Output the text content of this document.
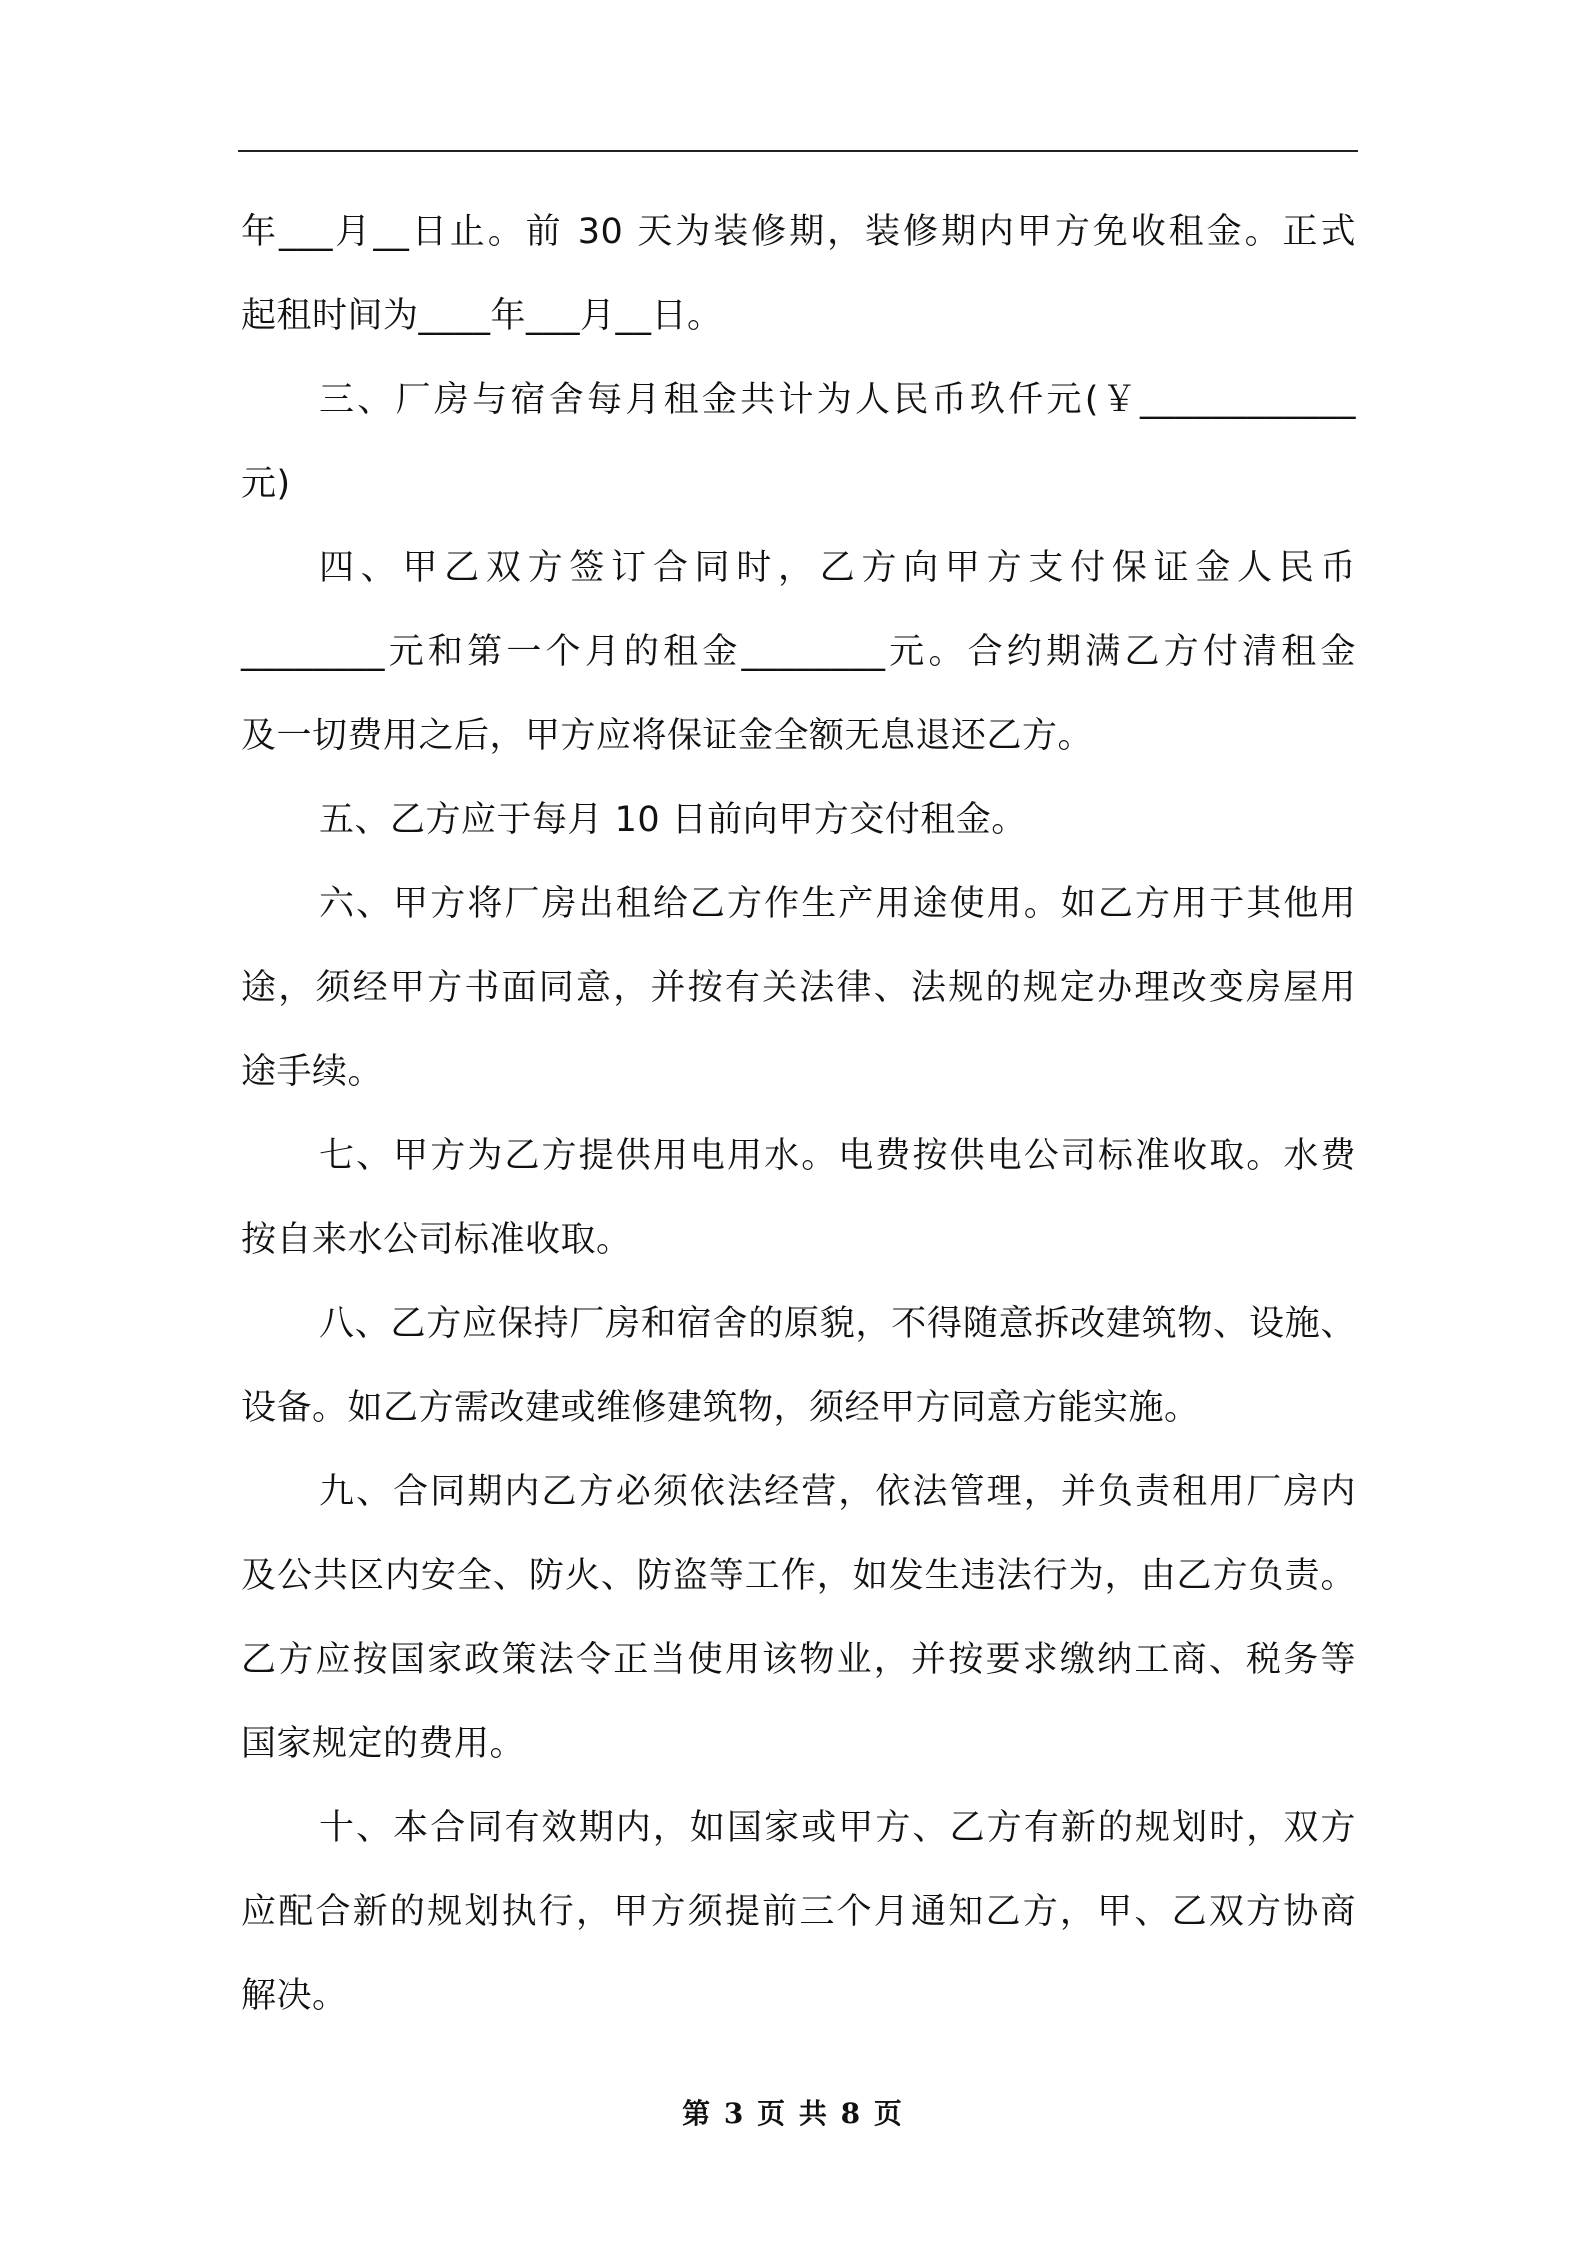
年___月__日止。前 30 天为装修期，装修期内甲方免收租金。正式
起租时间为____年___月__日。
三、厂房与宿舍每月租金共计为人民币玖仟元(￥____________
元)
四、甲乙双方签订合同时，乙方向甲方支付保证金人民币
________元和第一个月的租金________元。合约期满乙方付清租金
及一切费用之后，甲方应将保证金全额无息退还乙方。
五、乙方应于每月 10 日前向甲方交付租金。
六、甲方将厂房出租给乙方作生产用途使用。如乙方用于其他用
途，须经甲方书面同意，并按有关法律、法规的规定办理改变房屋用
途手续。
七、甲方为乙方提供用电用水。电费按供电公司标准收取。水费
按自来水公司标准收取。
八、乙方应保持厂房和宿舍的原貌，不得随意拆改建筑物、设施、
设备。如乙方需改建或维修建筑物，须经甲方同意方能实施。
九、合同期内乙方必须依法经营，依法管理，并负责租用厂房内
及公共区内安全、防火、防盗等工作，如发生违法行为，由乙方负责。
乙方应按国家政策法令正当使用该物业，并按要求缴纳工商、税务等
国家规定的费用。
十、本合同有效期内，如国家或甲方、乙方有新的规划时，双方
应配合新的规划执行，甲方须提前三个月通知乙方，甲、乙双方协商
解决。
第 3 页 共 8 页
